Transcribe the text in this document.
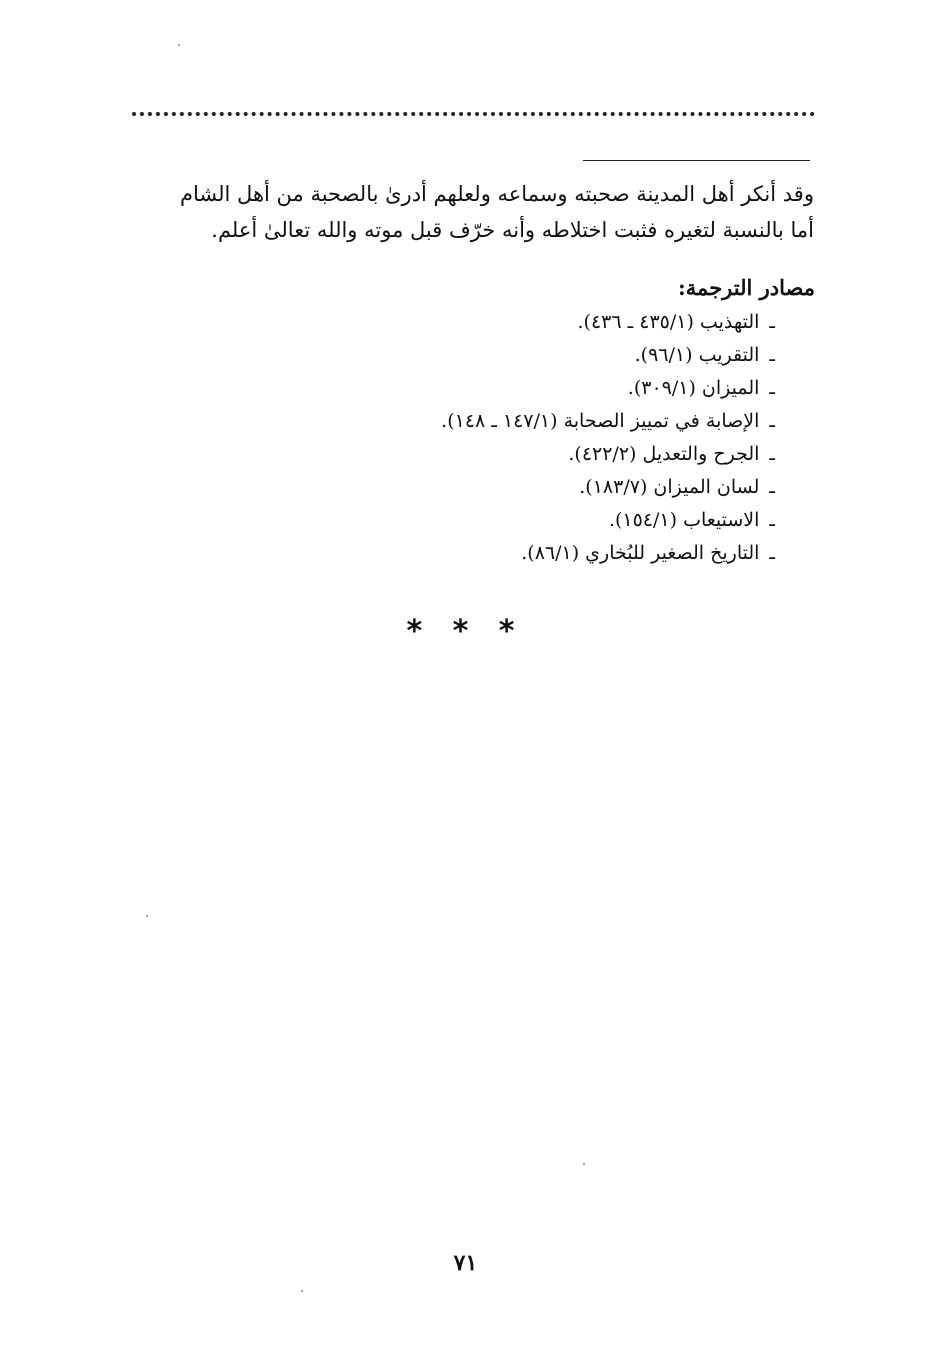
وقد أنكر أهل المدينة صحبته وسماعه ولعلهم أدرىٰ بالصحبة من أهل الشام
أما بالنسبة لتغيره فثبت اختلاطه وأنه خرّف قبل موته والله تعالىٰ أعلم.
مصادر الترجمة:
ـالتهذيب (٤٣٥/١ ـ ٤٣٦).
ـالتقريب (٩٦/١).
ـالميزان (٣٠٩/١).
ـالإصابة في تمييز الصحابة (١٤٧/١ ـ ١٤٨).
ـالجرح والتعديل (٤٢٢/٢).
ـلسان الميزان (١٨٣/٧).
ـالاستيعاب (١٥٤/١).
ـالتاريخ الصغير للبُخاري (٨٦/١).
* * *
٧١
